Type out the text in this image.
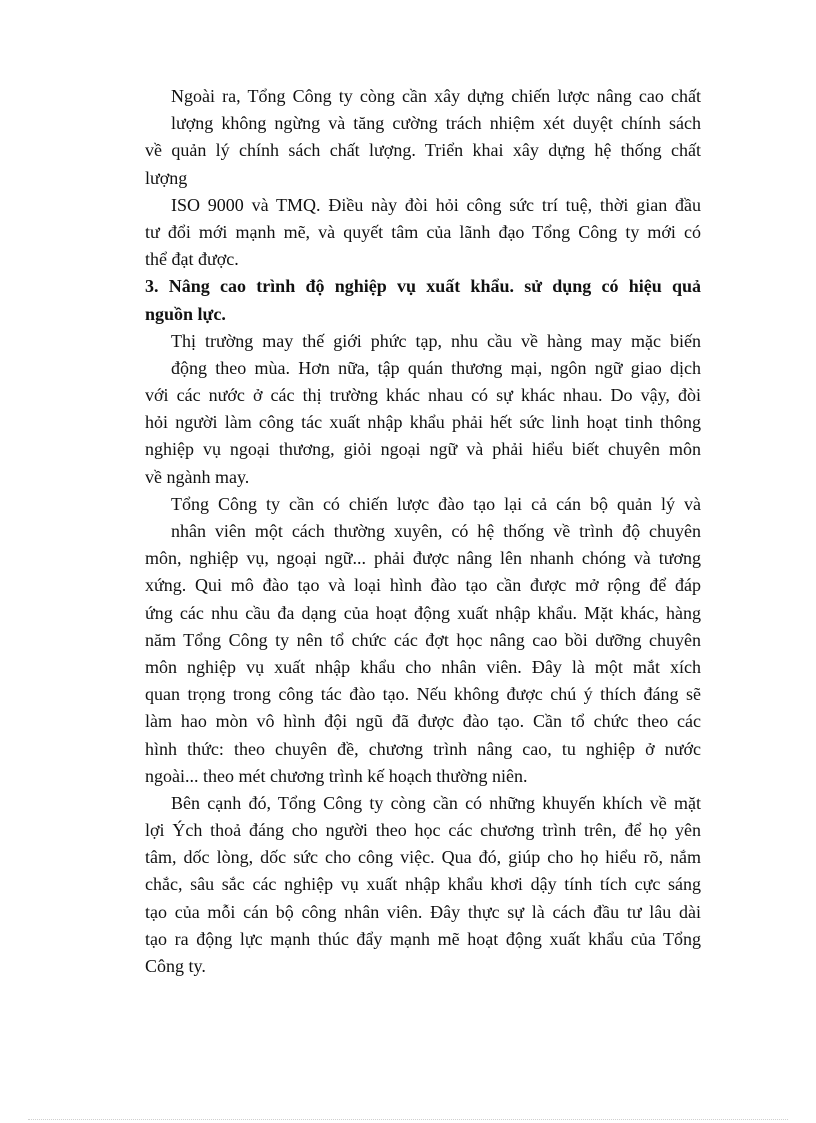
Ngoài ra, Tổng Công ty còng cần xây dựng chiến lược nâng cao chất
lượng không ngừng và tăng cường trách nhiệm xét duyệt chính sách
về quản lý chính sách chất lượng. Triển khai xây dựng hệ thống chất
lượng
ISO 9000 và TMQ. Điều này đòi hỏi công sức trí tuệ, thời gian đầu
tư đổi mới mạnh mẽ, và quyết tâm của lãnh đạo Tổng Công ty mới có
thể đạt được.
3. Nâng cao trình độ nghiệp vụ xuất khẩu. sử dụng có hiệu quả
nguồn lực.
Thị trường may thế giới phức tạp, nhu cầu về hàng may mặc biến
động theo mùa. Hơn nữa, tập quán thương mại, ngôn ngữ giao dịch
với các nước ở các thị trường khác nhau có sự khác nhau. Do vậy, đòi
hỏi người làm công tác xuất nhập khẩu phải hết sức linh hoạt tinh thông
nghiệp vụ ngoại thương, giỏi ngoại ngữ và phải hiểu biết chuyên môn
về ngành may.
Tổng Công ty cần có chiến lược đào tạo lại cả cán bộ quản lý và
nhân viên một cách thường xuyên, có hệ thống về trình độ chuyên
môn, nghiệp vụ, ngoại ngữ... phải được nâng lên nhanh chóng và tương
xứng. Qui mô đào tạo và loại hình đào tạo cần được mở rộng để đáp
ứng các nhu cầu đa dạng của hoạt động xuất nhập khẩu. Mặt khác, hàng
năm Tổng Công ty nên tổ chức các đợt học nâng cao bồi dưỡng chuyên
môn nghiệp vụ xuất nhập khẩu cho nhân viên. Đây là một mắt xích
quan trọng trong công tác đào tạo. Nếu không được chú ý thích đáng sẽ
làm hao mòn vô hình đội ngũ đã được đào tạo. Cần tổ chức theo các
hình thức: theo chuyên đề, chương trình nâng cao, tu nghiệp ở nước
ngoài... theo mét chương trình kế hoạch thường niên.
Bên cạnh đó, Tổng Công ty còng cần có những khuyến khích về mặt
lợi Ých thoả đáng cho người theo học các chương trình trên, để họ yên
tâm, dốc lòng, dốc sức cho công việc. Qua đó, giúp cho họ hiểu rõ, nắm
chắc, sâu sắc các nghiệp vụ xuất nhập khẩu khơi dậy tính tích cực sáng
tạo của mỗi cán bộ công nhân viên. Đây thực sự là cách đầu tư lâu dài
tạo ra động lực mạnh thúc đẩy mạnh mẽ hoạt động xuất khẩu của Tổng
Công ty.
